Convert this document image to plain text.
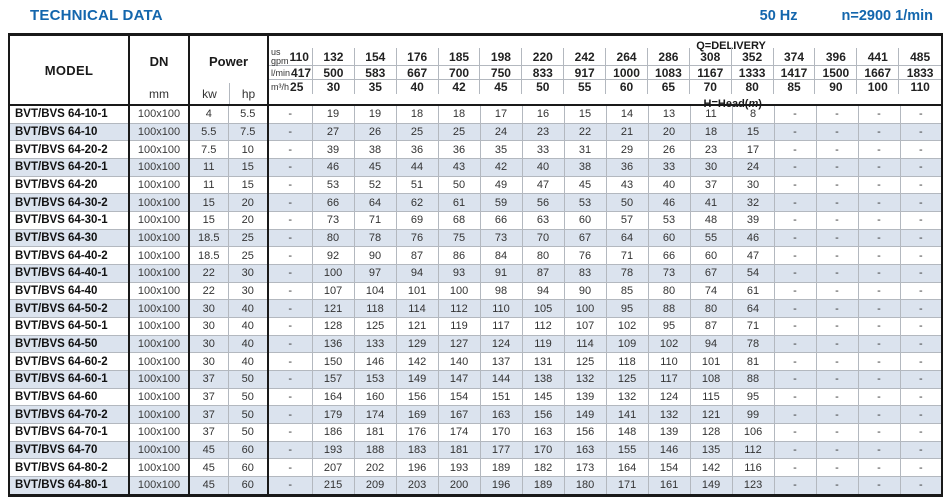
TECHNICAL DATA	50 Hz	n=2900 1/min
MODEL	
DN
mm

Power
kw	hp

Q=DELIVERY
us
gpm 110 132 154 176 185 198 220 242 264 286 308 352 374 396 441 485
l/min 417 500 583 667 700 750 833 917 1000 1083 1167 1333 1417 1500 1667 1833
m³/h 25 30 35 40 42 45 50 55 60 65 70 80 85 90 100 110
H=Head(m)

BVT/BVS 64-10-1	100x100	4	5.5	-	19	19	18	18	17	16	15	14	13	11	8	-	-	-	-
BVT/BVS 64-10	100x100	5.5	7.5	-	27	26	25	25	24	23	22	21	20	18	15	-	-	-	-
BVT/BVS 64-20-2	100x100	7.5	10	-	39	38	36	36	35	33	31	29	26	23	17	-	-	-	-
BVT/BVS 64-20-1	100x100	11	15	-	46	45	44	43	42	40	38	36	33	30	24	-	-	-	-
BVT/BVS 64-20	100x100	11	15	-	53	52	51	50	49	47	45	43	40	37	30	-	-	-	-
BVT/BVS 64-30-2	100x100	15	20	-	66	64	62	61	59	56	53	50	46	41	32	-	-	-	-
BVT/BVS 64-30-1	100x100	15	20	-	73	71	69	68	66	63	60	57	53	48	39	-	-	-	-
BVT/BVS 64-30	100x100	18.5	25	-	80	78	76	75	73	70	67	64	60	55	46	-	-	-	-
BVT/BVS 64-40-2	100x100	18.5	25	-	92	90	87	86	84	80	76	71	66	60	47	-	-	-	-
BVT/BVS 64-40-1	100x100	22	30	-	100	97	94	93	91	87	83	78	73	67	54	-	-	-	-
BVT/BVS 64-40	100x100	22	30	-	107	104	101	100	98	94	90	85	80	74	61	-	-	-	-
BVT/BVS 64-50-2	100x100	30	40	-	121	118	114	112	110	105	100	95	88	80	64	-	-	-	-
BVT/BVS 64-50-1	100x100	30	40	-	128	125	121	119	117	112	107	102	95	87	71	-	-	-	-
BVT/BVS 64-50	100x100	30	40	-	136	133	129	127	124	119	114	109	102	94	78	-	-	-	-
BVT/BVS 64-60-2	100x100	30	40	-	150	146	142	140	137	131	125	118	110	101	81	-	-	-	-
BVT/BVS 64-60-1	100x100	37	50	-	157	153	149	147	144	138	132	125	117	108	88	-	-	-	-
BVT/BVS 64-60	100x100	37	50	-	164	160	156	154	151	145	139	132	124	115	95	-	-	-	-
BVT/BVS 64-70-2	100x100	37	50	-	179	174	169	167	163	156	149	141	132	121	99	-	-	-	-
BVT/BVS 64-70-1	100x100	37	50	-	186	181	176	174	170	163	156	148	139	128	106	-	-	-	-
BVT/BVS 64-70	100x100	45	60	-	193	188	183	181	177	170	163	155	146	135	112	-	-	-	-
BVT/BVS 64-80-2	100x100	45	60	-	207	202	196	193	189	182	173	164	154	142	116	-	-	-	-
BVT/BVS 64-80-1	100x100	45	60	-	215	209	203	200	196	189	180	171	161	149	123	-	-	-	-
